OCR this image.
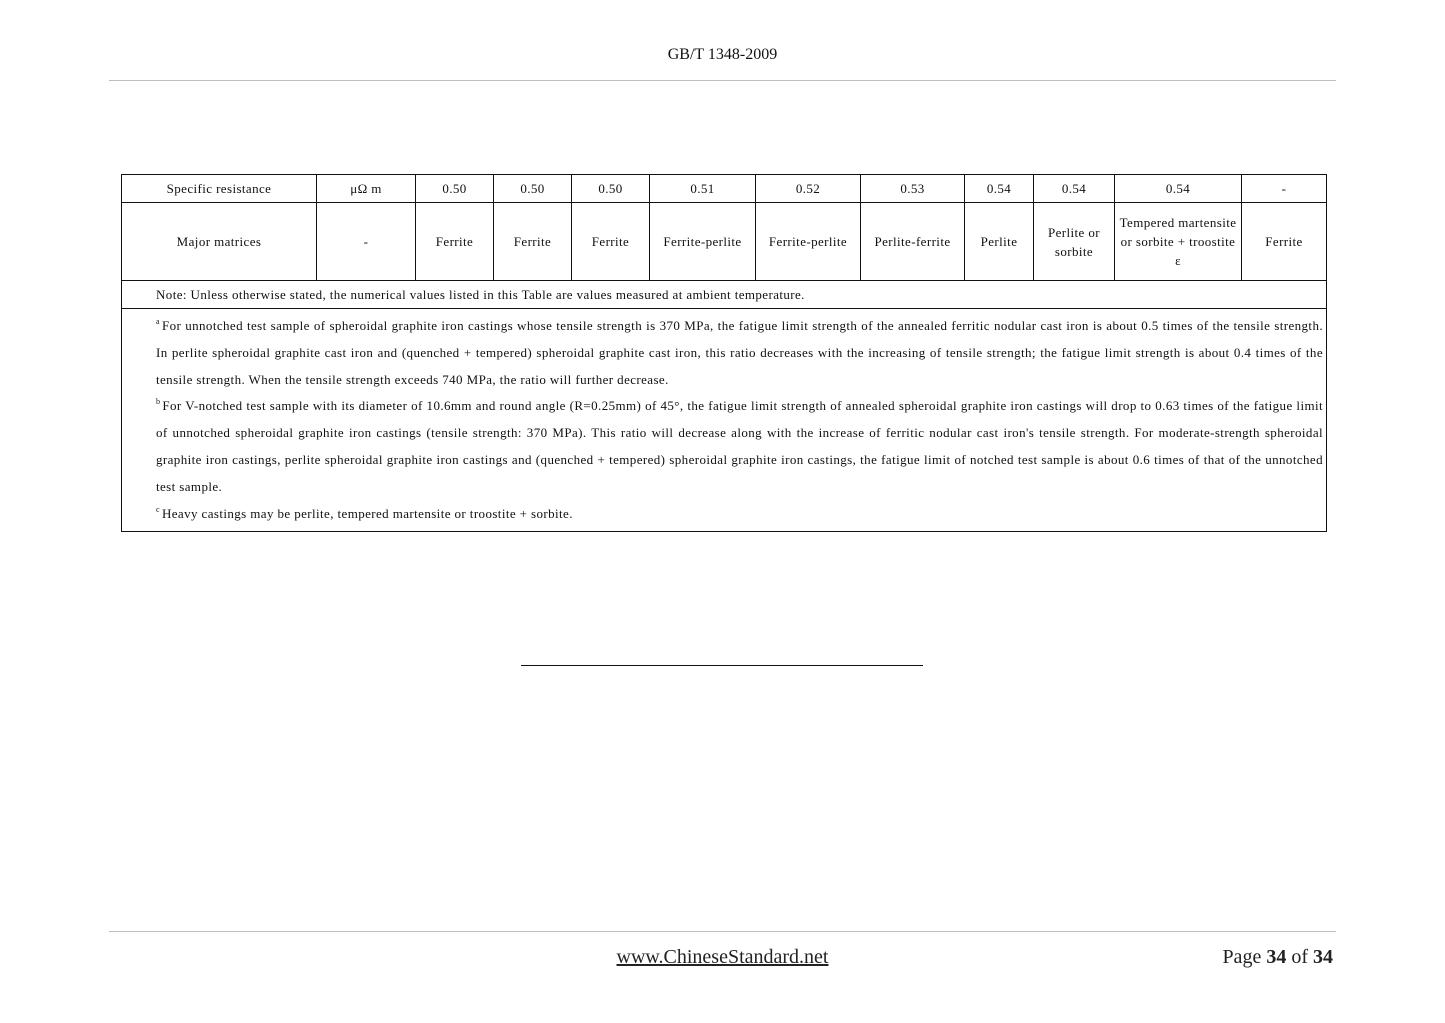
GB/T 1348-2009
Specific resistance	μΩ m	0.50	0.50	0.50	0.51	0.52	0.53	0.54	0.54	0.54	-
Major matrices	-	Ferrite	Ferrite	Ferrite	Ferrite-perlite	Ferrite-perlite	Perlite-ferrite	Perlite	Perlite or sorbite	Tempered martensite or sorbite + troostite ε	Ferrite
Note: Unless otherwise stated, the numerical values listed in this Table are values measured at ambient temperature.											

$^a$ For unnotched test sample of spheroidal graphite iron castings whose tensile strength is 370 MPa, the fatigue limit strength of the annealed ferritic nodular cast iron is about 0.5 times of the tensile strength. In perlite spheroidal graphite cast iron and (quenched + tempered) spheroidal graphite cast iron, this ratio decreases with the increasing of tensile strength; the fatigue limit strength is about 0.4 times of the tensile strength. When the tensile strength exceeds 740 MPa, the ratio will further decrease.
$^b$ For V-notched test sample with its diameter of 10.6mm and round angle (R=0.25mm) of 45°, the fatigue limit strength of annealed spheroidal graphite iron castings will drop to 0.63 times of the fatigue limit of unnotched spheroidal graphite iron castings (tensile strength: 370 MPa). This ratio will decrease along with the increase of ferritic nodular cast iron's tensile strength. For moderate-strength spheroidal graphite iron castings, perlite spheroidal graphite iron castings and (quenched + tempered) spheroidal graphite iron castings, the fatigue limit of notched test sample is about 0.6 times of that of the unnotched test sample.
$^c$ Heavy castings may be perlite, tempered martensite or troostite + sorbite.											
www.ChineseStandard.net	Page 34 of 34
